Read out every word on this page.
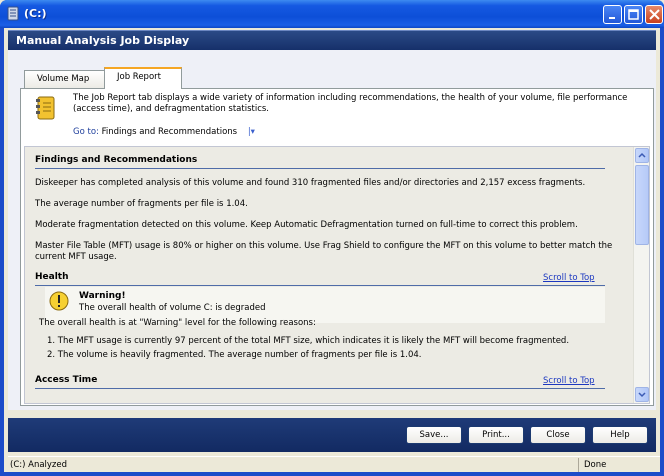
(C:)
Manual Analysis Job Display
Volume Map	Job Report
The Job Report tab displays a wide variety of information including recommendations, the health of your volume, file performance (access time), and defragmentation statistics.
Go to: Findings and Recommendations |▾
Findings and Recommendations
Diskeeper has completed analysis of this volume and found 310 fragmented files and/or directories and 2,157 excess fragments.
The average number of fragments per file is 1.04.
Moderate fragmentation detected on this volume. Keep Automatic Defragmentation turned on full-time to correct this problem.
Master File Table (MFT) usage is 80% or higher on this volume. Use Frag Shield to configure the MFT on this volume to better match the current MFT usage.
Health	Scroll to Top
Warning!
The overall health of volume C: is degraded
The overall health is at "Warning" level for the following reasons:
1. The MFT usage is currently 97 percent of the total MFT size, which indicates it is likely the MFT will become fragmented.
2. The volume is heavily fragmented. The average number of fragments per file is 1.04.
Access Time	Scroll to Top
Save...	Print...	Close	Help
(C:) Analyzed	Done
